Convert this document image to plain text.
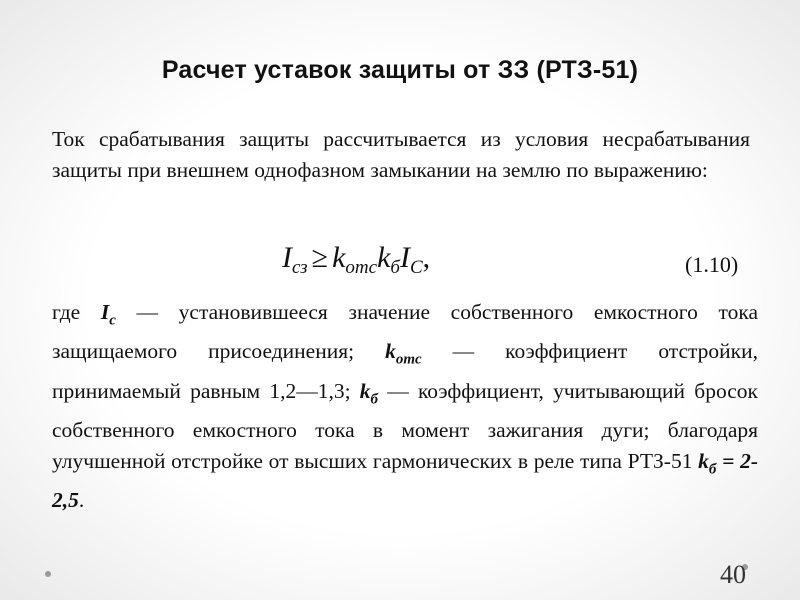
Расчет уставок защиты от ЗЗ (РТЗ-51)
Ток срабатывания защиты рассчитывается из условия несрабатывания защиты при внешнем однофазном замыкании на землю по выражению:
$I_{сз} \ge k_{отс}k_бI_C$,	(1.10)
где $I_c$ — установившееся значение собственного емкостного тока защищаемого присоединения; $k_{отс}$ — коэффициент отстройки, принимаемый равным 1,2—1,3; $k_б$ — коэффициент, учитывающий бросок собственного емкостного тока в момент зажигания дуги; благодаря улучшенной отстройке от высших гармонических в реле типа РТЗ-51 $k_б = 2-2,5$.
40
